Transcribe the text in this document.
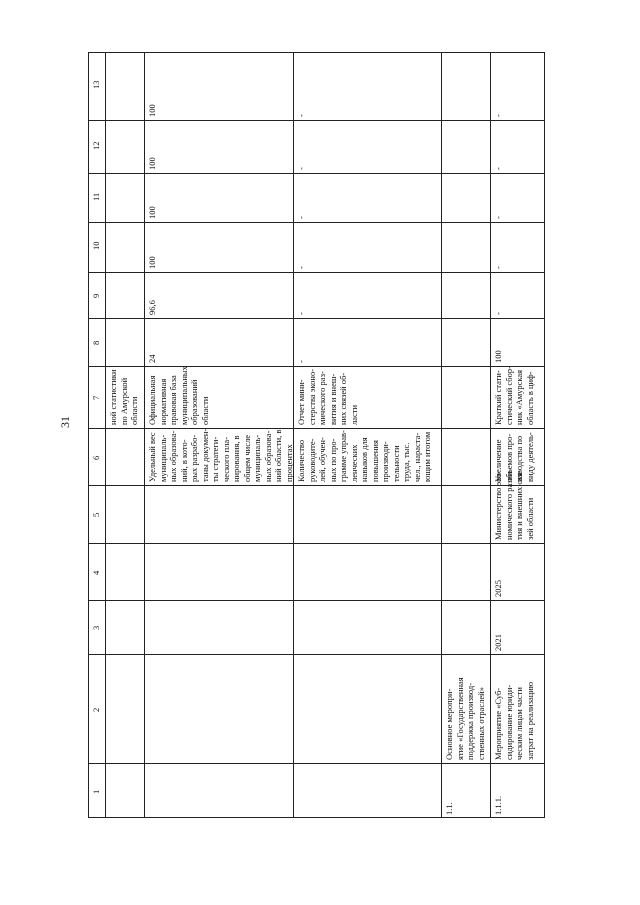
31
1
2
3
4
5
6
7
8
9
10
11
12
13
ной статистики по Амурской области
Удельный вес муниципаль- ных образова- ний, в кото- рых разрабо- таны докумен- ты стратеги- ческого пла- нирования, в общем числе муниципаль- ных образова- ний области, в процентах
Официальная нормативная правовая база муниципальных образований области
24
96,6
100
100
100
100
Количество руководите- лей, обучен- ных по про- грамме управ- ленческих навыков для повышения производи- тельности труда, тыс. чел., нараста- ющим итогом
Отчет мини- стерства эконо- мического раз- вития и внеш- них связей об- ласти
-
-
-
-
-
-
1.1.
Основное меропри- ятие «Государственная поддержка производ- ственных отраслей»
1.1.1.
Мероприятие «Суб- сидирование юриди- ческим лицам части затрат на реализацию
2021
2025
Министерство эко- номического разви- тия и внешних свя- зей области
Увеличение объемов про- изводства по виду деятель-
Краткий стати- стический сбор- ник «Амурская область в циф-
100
-
-
-
-
-
